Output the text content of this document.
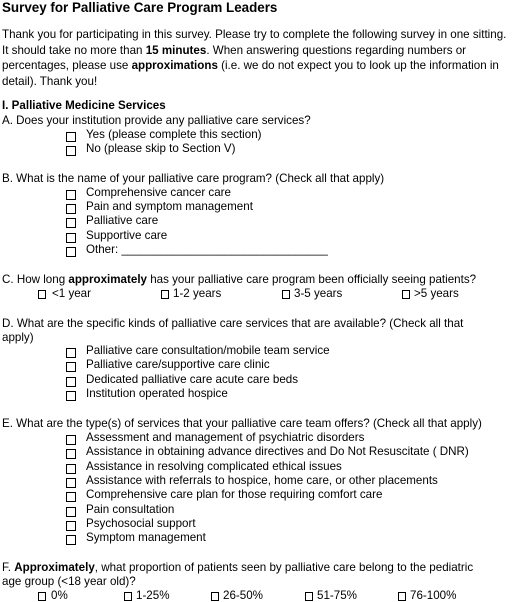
Survey for Palliative Care Program Leaders
Thank you for participating in this survey. Please try to complete the following survey in one sitting. It should take no more than 15 minutes. When answering questions regarding numbers or percentages, please use approximations (i.e. we do not expect you to look up the information in detail). Thank you!
I. Palliative Medicine Services
A. Does your institution provide any palliative care services?
Yes (please complete this section)
No (please skip to Section V)
B. What is the name of your palliative care program? (Check all that apply)
Comprehensive cancer care
Pain and symptom management
Palliative care
Supportive care
Other: ________________________________
C. How long approximately has your palliative care program been officially seeing patients?
<1 year	1-2 years	3-5 years	>5 years
D. What are the specific kinds of palliative care services that are available? (Check all that
apply)
Palliative care consultation/mobile team service
Palliative care/supportive care clinic
Dedicated palliative care acute care beds
Institution operated hospice
E. What are the type(s) of services that your palliative care team offers? (Check all that apply)
Assessment and management of psychiatric disorders
Assistance in obtaining advance directives and Do Not Resuscitate ( DNR)
Assistance in resolving complicated ethical issues
Assistance with referrals to hospice, home care, or other placements
Comprehensive care plan for those requiring comfort care
Pain consultation
Psychosocial support
Symptom management
F. Approximately, what proportion of patients seen by palliative care belong to the pediatric
age group (<18 year old)?
0%	1-25%	26-50%	51-75%	76-100%
